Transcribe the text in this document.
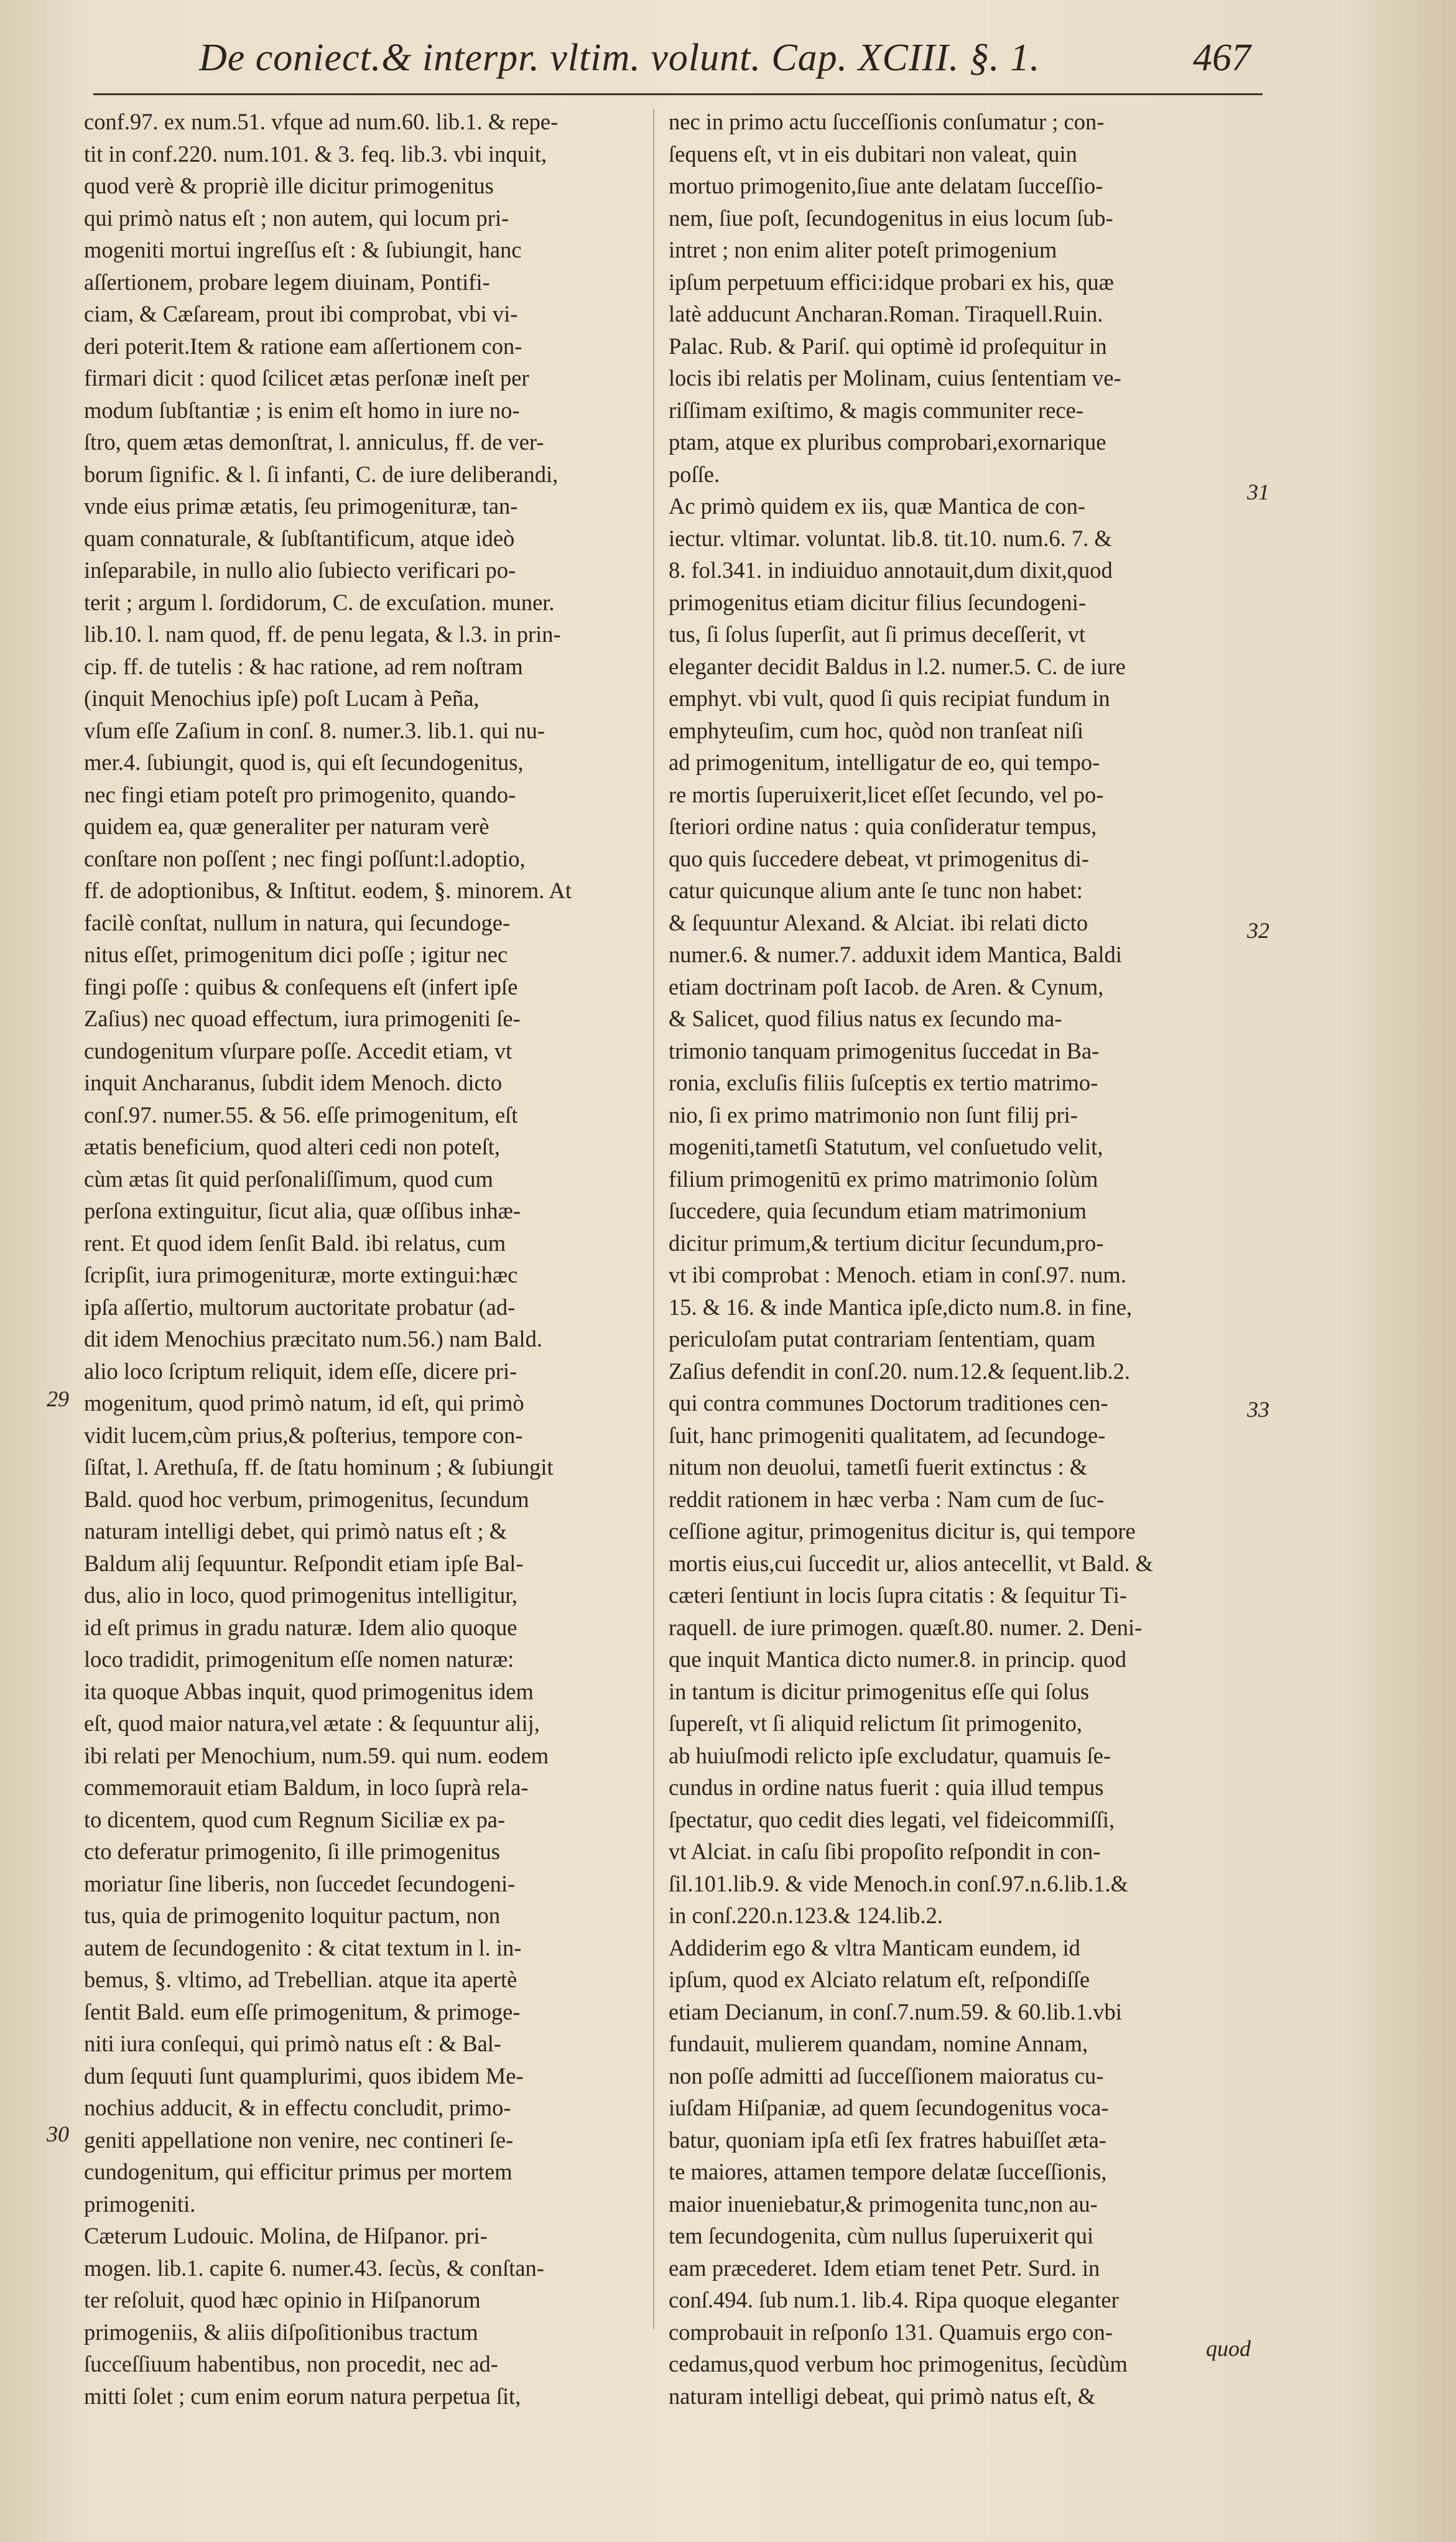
De coniect.& interpr. vltim. volunt. Cap. XCIII. §. 1.	467
conf.97. ex num.51. vfque ad num.60. lib.1. & repe-
tit in conf.220. num.101. & 3. feq. lib.3. vbi inquit,
quod verè & propriè ille dicitur primogenitus
qui primò natus eſt ; non autem, qui locum pri-
mogeniti mortui ingreſſus eſt : & ſubiungit, hanc
aſſertionem, probare legem diuinam, Pontifi-
ciam, & Cæſaream, prout ibi comprobat, vbi vi-
deri poterit.Item & ratione eam aſſertionem con-
firmari dicit : quod ſcilicet ætas perſonæ ineſt per
modum ſubſtantiæ ; is enim eſt homo in iure no-
ſtro, quem ætas demonſtrat, l. anniculus, ff. de ver-
borum ſignific. & l. ſi infanti, C. de iure deliberandi,
vnde eius primæ ætatis, ſeu primogenituræ, tan-
quam connaturale, & ſubſtantificum, atque ideò
inſeparabile, in nullo alio ſubiecto verificari po-
terit ; argum l. ſordidorum, C. de excuſation. muner.
lib.10. l. nam quod, ff. de penu legata, & l.3. in prin-
cip. ff. de tutelis : & hac ratione, ad rem noſtram
(inquit Menochius ipſe) poſt Lucam à Peña,
vſum eſſe Zaſium in conſ. 8. numer.3. lib.1. qui nu-
mer.4. ſubiungit, quod is, qui eſt ſecundogenitus,
nec fingi etiam poteſt pro primogenito, quando-
quidem ea, quæ generaliter per naturam verè
conſtare non poſſent ; nec fingi poſſunt:l.adoptio,
ff. de adoptionibus, & Inſtitut. eodem, §. minorem. At
facilè conſtat, nullum in natura, qui ſecundoge-
nitus eſſet, primogenitum dici poſſe ; igitur nec
fingi poſſe : quibus & conſequens eſt (infert ipſe
Zaſius) nec quoad effectum, iura primogeniti ſe-
cundogenitum vſurpare poſſe. Accedit etiam, vt
inquit Ancharanus, ſubdit idem Menoch. dicto
conſ.97. numer.55. & 56. eſſe primogenitum, eſt
ætatis beneficium, quod alteri cedi non poteſt,
cùm ætas ſit quid perſonaliſſimum, quod cum
perſona extinguitur, ſicut alia, quæ oſſibus inhæ-
rent. Et quod idem ſenſit Bald. ibi relatus, cum
ſcripſit, iura primogenituræ, morte extingui:hæc
ipſa aſſertio, multorum auctoritate probatur (ad-
dit idem Menochius præcitato num.56.) nam Bald.
alio loco ſcriptum reliquit, idem eſſe, dicere pri-
mogenitum, quod primò natum, id eſt, qui primò
vidit lucem,cùm prius,& poſterius, tempore con-
ſiſtat, l. Arethuſa, ff. de ſtatu hominum ; & ſubiungit
Bald. quod hoc verbum, primogenitus, ſecundum
naturam intelligi debet, qui primò natus eſt ; &
Baldum alij ſequuntur. Reſpondit etiam ipſe Bal-
dus, alio in loco, quod primogenitus intelligitur,
id eſt primus in gradu naturæ. Idem alio quoque
loco tradidit, primogenitum eſſe nomen naturæ:
ita quoque Abbas inquit, quod primogenitus idem
eſt, quod maior natura,vel ætate : & ſequuntur alij,
ibi relati per Menochium, num.59. qui num. eodem
commemorauit etiam Baldum, in loco ſuprà rela-
to dicentem, quod cum Regnum Siciliæ ex pa-
cto deferatur primogenito, ſi ille primogenitus
moriatur ſine liberis, non ſuccedet ſecundogeni-
tus, quia de primogenito loquitur pactum, non
autem de ſecundogenito : & citat textum in l. in-
bemus, §. vltimo, ad Trebellian. atque ita apertè
ſentit Bald. eum eſſe primogenitum, & primoge-
niti iura conſequi, qui primò natus eſt : & Bal-
dum ſequuti ſunt quamplurimi, quos ibidem Me-
nochius adducit, & in effectu concludit, primo-
geniti appellatione non venire, nec contineri ſe-
cundogenitum, qui efficitur primus per mortem
primogeniti.
Cæterum Ludouic. Molina, de Hiſpanor. pri-
mogen. lib.1. capite 6. numer.43. ſecùs, & conſtan-
ter reſoluit, quod hæc opinio in Hiſpanorum
primogeniis, & aliis diſpoſitionibus tractum
ſucceſſiuum habentibus, non procedit, nec ad-
mitti ſolet ; cum enim eorum natura perpetua ſit,
nec in primo actu ſucceſſionis conſumatur ; con-
ſequens eſt, vt in eis dubitari non valeat, quin
mortuo primogenito,ſiue ante delatam ſucceſſio-
nem, ſiue poſt, ſecundogenitus in eius locum ſub-
intret ; non enim aliter poteſt primogenium
ipſum perpetuum effici:idque probari ex his, quæ
latè adducunt Ancharan.Roman. Tiraquell.Ruin.
Palac. Rub. & Pariſ. qui optimè id proſequitur in
locis ibi relatis per Molinam, cuius ſententiam ve-
riſſimam exiſtimo, & magis communiter rece-
ptam, atque ex pluribus comprobari,exornarique
poſſe.
Ac primò quidem ex iis, quæ Mantica de con-
iectur. vltimar. voluntat. lib.8. tit.10. num.6. 7. &
8. fol.341. in indiuiduo annotauit,dum dixit,quod
primogenitus etiam dicitur filius ſecundogeni-
tus, ſi ſolus ſuperſit, aut ſi primus deceſſerit, vt
eleganter decidit Baldus in l.2. numer.5. C. de iure
emphyt. vbi vult, quod ſi quis recipiat fundum in
emphyteuſim, cum hoc, quòd non tranſeat niſi
ad primogenitum, intelligatur de eo, qui tempo-
re mortis ſuperuixerit,licet eſſet ſecundo, vel po-
ſteriori ordine natus : quia conſideratur tempus,
quo quis ſuccedere debeat, vt primogenitus di-
catur quicunque alium ante ſe tunc non habet:
& ſequuntur Alexand. & Alciat. ibi relati dicto
numer.6. & numer.7. adduxit idem Mantica, Baldi
etiam doctrinam poſt Iacob. de Aren. & Cynum,
& Salicet, quod filius natus ex ſecundo ma-
trimonio tanquam primogenitus ſuccedat in Ba-
ronia, excluſis filiis ſuſceptis ex tertio matrimo-
nio, ſi ex primo matrimonio non ſunt filij pri-
mogeniti,tametſi Statutum, vel conſuetudo velit,
filium primogenitū ex primo matrimonio ſolùm
ſuccedere, quia ſecundum etiam matrimonium
dicitur primum,& tertium dicitur ſecundum,pro-
vt ibi comprobat : Menoch. etiam in conſ.97. num.
15. & 16. & inde Mantica ipſe,dicto num.8. in fine,
periculoſam putat contrariam ſententiam, quam
Zaſius defendit in conſ.20. num.12.& ſequent.lib.2.
qui contra communes Doctorum traditiones cen-
ſuit, hanc primogeniti qualitatem, ad ſecundoge-
nitum non deuolui, tametſi fuerit extinctus : &
reddit rationem in hæc verba : Nam cum de ſuc-
ceſſione agitur, primogenitus dicitur is, qui tempore
mortis eius,cui ſuccedit ur, alios antecellit, vt Bald. &
cæteri ſentiunt in locis ſupra citatis : & ſequitur Ti-
raquell. de iure primogen. quæſt.80. numer. 2. Deni-
que inquit Mantica dicto numer.8. in princip. quod
in tantum is dicitur primogenitus eſſe qui ſolus
ſupereſt, vt ſi aliquid relictum ſit primogenito,
ab huiuſmodi relicto ipſe excludatur, quamuis ſe-
cundus in ordine natus fuerit : quia illud tempus
ſpectatur, quo cedit dies legati, vel fideicommiſſi,
vt Alciat. in caſu ſibi propoſito reſpondit in con-
ſil.101.lib.9. & vide Menoch.in conſ.97.n.6.lib.1.&
in conſ.220.n.123.& 124.lib.2.
Addiderim ego & vltra Manticam eundem, id
ipſum, quod ex Alciato relatum eſt, reſpondiſſe
etiam Decianum, in conſ.7.num.59. & 60.lib.1.vbi
fundauit, mulierem quandam, nomine Annam,
non poſſe admitti ad ſucceſſionem maioratus cu-
iuſdam Hiſpaniæ, ad quem ſecundogenitus voca-
batur, quoniam ipſa etſi ſex fratres habuiſſet æta-
te maiores, attamen tempore delatæ ſucceſſionis,
maior inueniebatur,& primogenita tunc,non au-
tem ſecundogenita, cùm nullus ſuperuixerit qui
eam præcederet. Idem etiam tenet Petr. Surd. in
conſ.494. ſub num.1. lib.4. Ripa quoque eleganter
comprobauit in reſponſo 131. Quamuis ergo con-
cedamus,quod verbum hoc primogenitus, ſecùdùm
naturam intelligi debeat, qui primò natus eſt, &
29
30
31
32
33
quod
